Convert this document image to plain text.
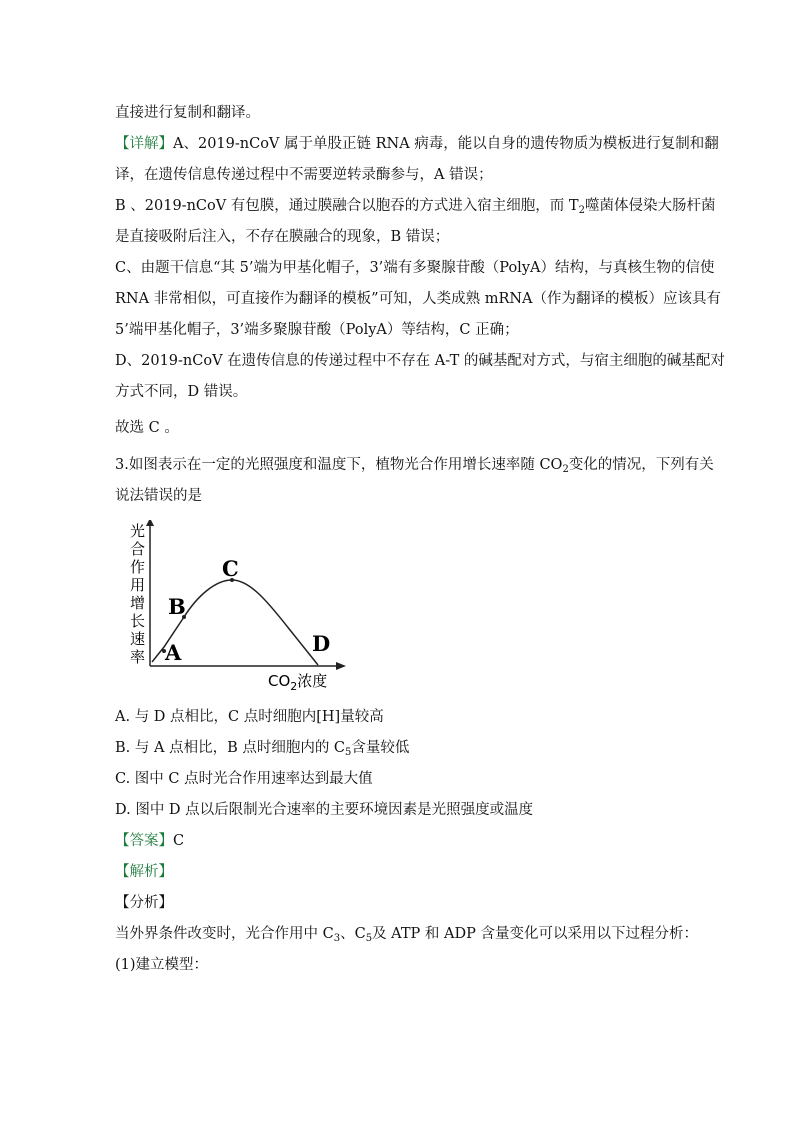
直接进行复制和翻译。
【详解】A、2019-nCoV 属于单股正链 RNA 病毒，能以自身的遗传物质为模板进行复制和翻
译，在遗传信息传递过程中不需要逆转录酶参与，A 错误；
B 、2019-nCoV 有包膜，通过膜融合以胞吞的方式进入宿主细胞，而 $T_2$噬菌体侵染大肠杆菌
是直接吸附后注入，不存在膜融合的现象，B 错误；
C、由题干信息“其 5’端为甲基化帽子，3’端有多聚腺苷酸（PolyA）结构，与真核生物的信使
RNA 非常相似，可直接作为翻译的模板”可知，人类成熟 mRNA（作为翻译的模板）应该具有
5’端甲基化帽子，3’端多聚腺苷酸（PolyA）等结构，C 正确；
D、2019-nCoV 在遗传信息的传递过程中不存在 A-T 的碱基配对方式，与宿主细胞的碱基配对
方式不同，D 错误。
故选 C 。
3.如图表示在一定的光照强度和温度下，植物光合作用增长速率随 $CO_2$变化的情况，下列有关
说法错误的是
光
合
作
用
增
长
速
率 A
B
C
D
$CO_2$浓度
A. 与 D 点相比，C 点时细胞内[H]量较高
B. 与 A 点相比，B 点时细胞内的 $C_5$含量较低
C. 图中 C 点时光合作用速率达到最大值
D. 图中 D 点以后限制光合速率的主要环境因素是光照强度或温度
【答案】C
【解析】
【分析】
当外界条件改变时，光合作用中 $C_3$、$C_5$及 ATP 和 ADP 含量变化可以采用以下过程分析：
(1)建立模型：
